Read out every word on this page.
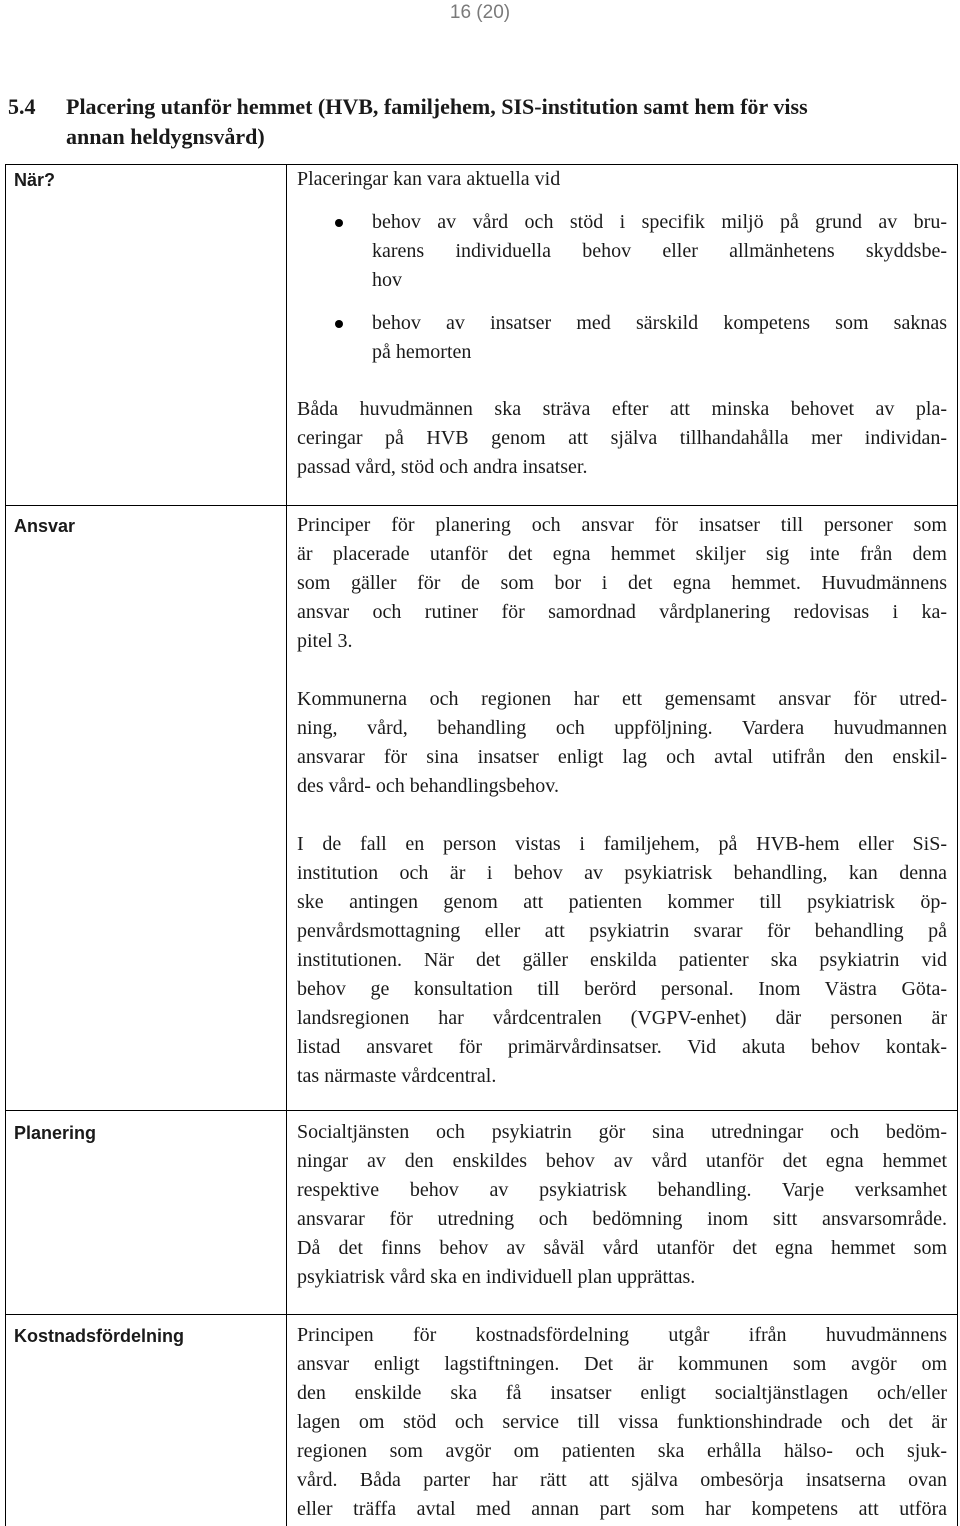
16 (20)
5.4 Placering utanför hemmet (HVB, familjehem, SIS-institution samt hem för viss
annan heldygnsvård)
När?	Placeringar kan vara aktuella vid

behov av vård och stöd i specifik miljö på grund av bru-
karens individuella behov eller allmänhetens skyddsbe-
hov
behov av insatser med särskild kompetens som saknas
på hemorten
Båda huvudmännen ska sträva efter att minska behovet av pla-
ceringar på HVB genom att själva tillhandahålla mer individan-
passad vård, stöd och andra insatser.
Ansvar	Principer för planering och ansvar för insatser till personer som
är placerade utanför det egna hemmet skiljer sig inte från dem
som gäller för de som bor i det egna hemmet. Huvudmännens
ansvar och rutiner för samordnad vårdplanering redovisas i ka-
pitel 3.
Kommunerna och regionen har ett gemensamt ansvar för utred-
ning, vård, behandling och uppföljning. Vardera huvudmannen
ansvarar för sina insatser enligt lag och avtal utifrån den enskil-
des vård- och behandlingsbehov.
I de fall en person vistas i familjehem, på HVB-hem eller SiS-
institution och är i behov av psykiatrisk behandling, kan denna
ske antingen genom att patienten kommer till psykiatrisk öp-
penvårdsmottagning eller att psykiatrin svarar för behandling på
institutionen. När det gäller enskilda patienter ska psykiatrin vid
behov ge konsultation till berörd personal. Inom Västra Göta-
landsregionen har vårdcentralen (VGPV-enhet) där personen är
listad ansvaret för primärvårdinsatser. Vid akuta behov kontak-
tas närmaste vårdcentral.
Planering	Socialtjänsten och psykiatrin gör sina utredningar och bedöm-
ningar av den enskildes behov av vård utanför det egna hemmet
respektive behov av psykiatrisk behandling. Varje verksamhet
ansvarar för utredning och bedömning inom sitt ansvarsområde.
Då det finns behov av såväl vård utanför det egna hemmet som
psykiatrisk vård ska en individuell plan upprättas.
Kostnadsfördelning	Principen för kostnadsfördelning utgår ifrån huvudmännens
ansvar enligt lagstiftningen. Det är kommunen som avgör om
den enskilde ska få insatser enligt socialtjänstlagen och/eller
lagen om stöd och service till vissa funktionshindrade och det är
regionen som avgör om patienten ska erhålla hälso- och sjuk-
vård. Båda parter har rätt att själva ombesörja insatserna ovan
eller träffa avtal med annan part som har kompetens att utföra
